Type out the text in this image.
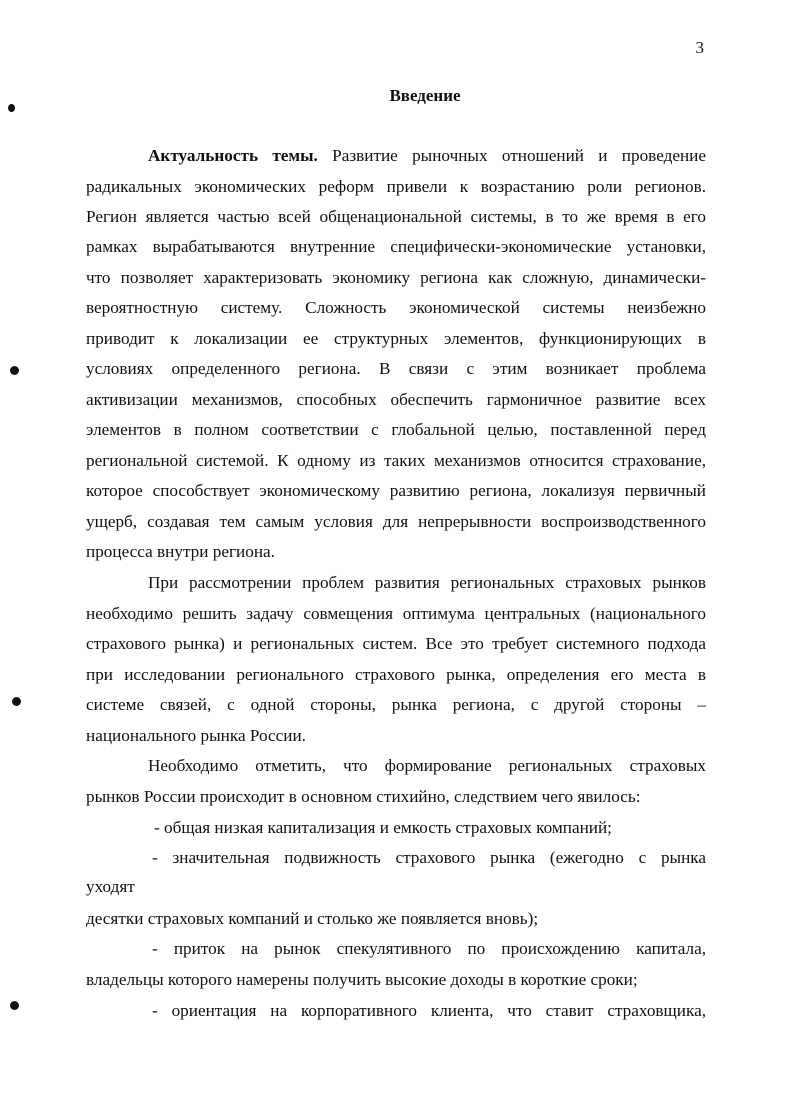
3
Введение
Актуальность темы. Развитие рыночных отношений и проведение
радикальных экономических реформ привели к возрастанию роли регионов.
Регион является частью всей общенациональной системы, в то же время в его
рамках вырабатываются внутренние специфически-экономические установки,
что позволяет характеризовать экономику региона как сложную, динамически-
вероятностную систему. Сложность экономической системы неизбежно
приводит к локализации ее структурных элементов, функционирующих в
условиях определенного региона. В связи с этим возникает проблема
активизации механизмов, способных обеспечить гармоничное развитие всех
элементов в полном соответствии с глобальной целью, поставленной перед
региональной системой. К одному из таких механизмов относится страхование,
которое способствует экономическому развитию региона, локализуя первичный
ущерб, создавая тем самым условия для непрерывности воспроизводственного
процесса внутри региона.
При рассмотрении проблем развития региональных страховых рынков
необходимо решить задачу совмещения оптимума центральных (национального
страхового рынка) и региональных систем. Все это требует системного подхода
при исследовании регионального страхового рынка, определения его места в
системе связей, с одной стороны, рынка региона, с другой стороны –
национального рынка России.
Необходимо отметить, что формирование региональных страховых
рынков России происходит в основном стихийно, следствием чего явилось:
- общая низкая капитализация и емкость страховых компаний;
- значительная подвижность страхового рынка (ежегодно с рынка
уходят
десятки страховых компаний и столько же появляется вновь);
- приток на рынок спекулятивного по происхождению капитала,
владельцы которого намерены получить высокие доходы в короткие сроки;
- ориентация на корпоративного клиента, что ставит страховщика,
